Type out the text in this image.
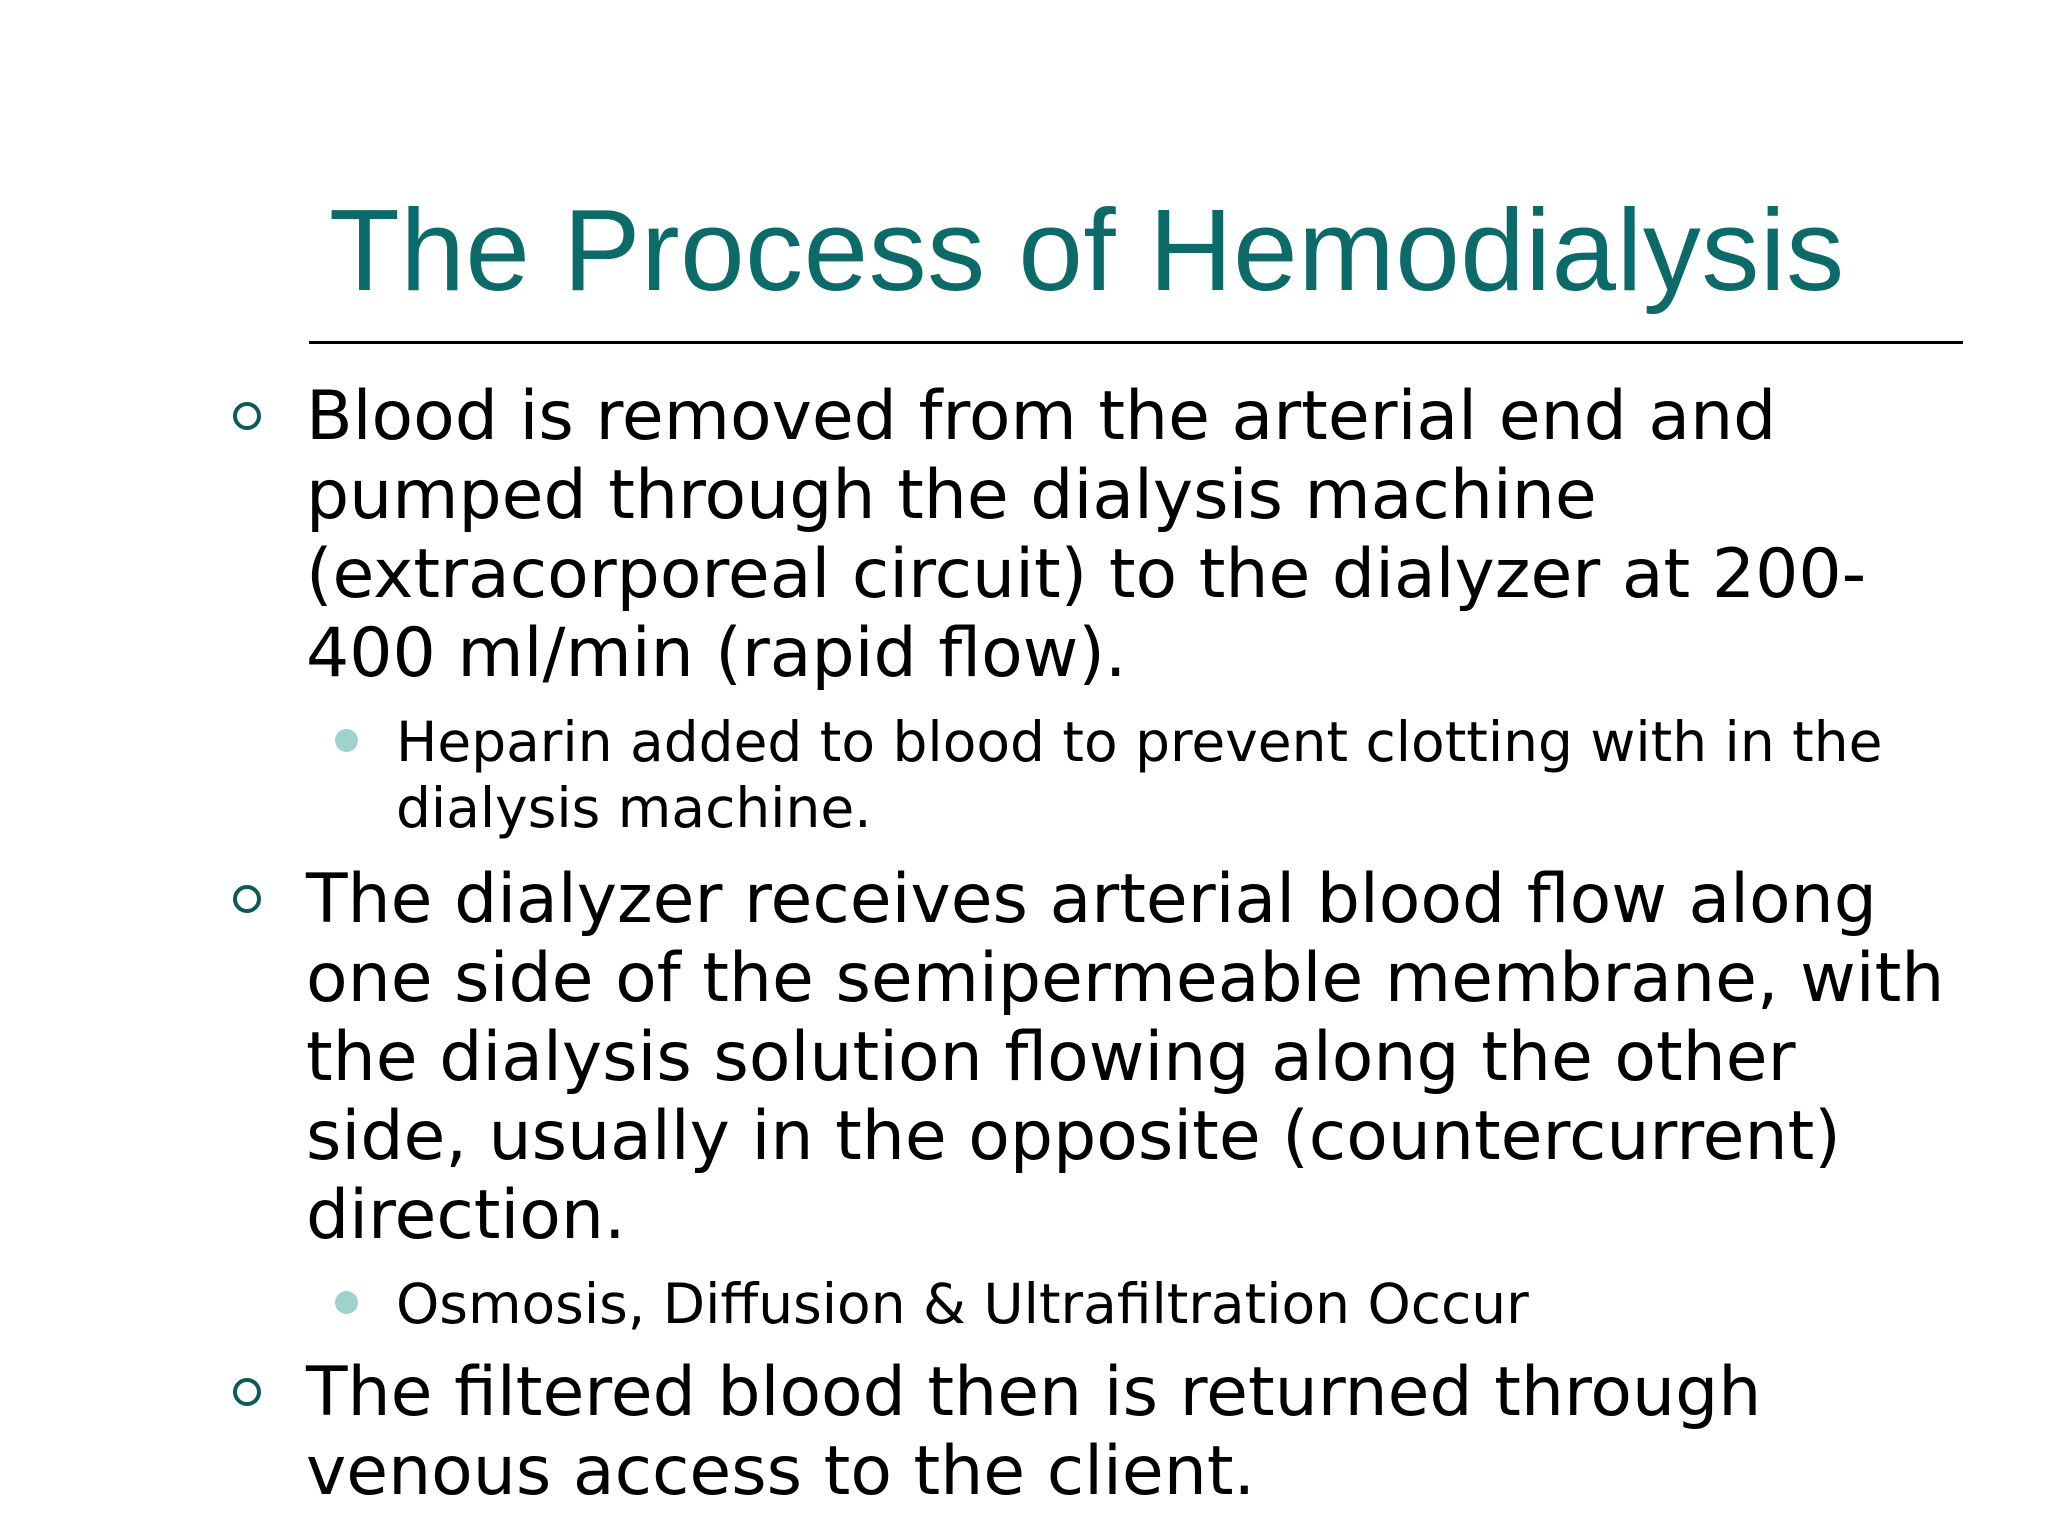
The Process of Hemodialysis
Blood is removed from the arterial end and
pumped through the dialysis machine
(extracorporeal circuit) to the dialyzer at 200-
400 ml/min (rapid flow).
Heparin added to blood to prevent clotting with in the
dialysis machine.
The dialyzer receives arterial blood flow along
one side of the semipermeable membrane, with
the dialysis solution flowing along the other
side, usually in the opposite (countercurrent)
direction.
Osmosis, Diffusion & Ultrafiltration Occur
The filtered blood then is returned through
venous access to the client.
